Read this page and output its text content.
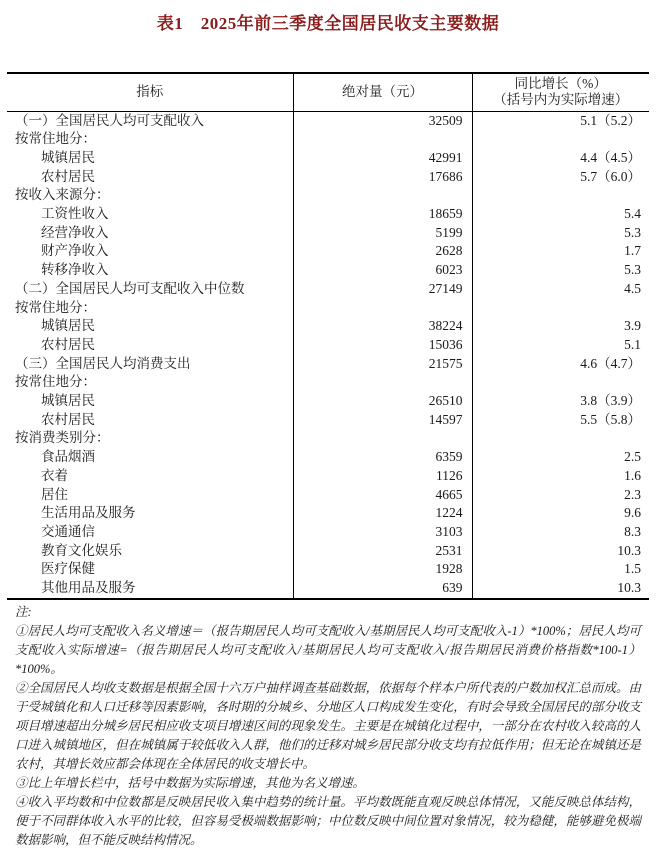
表1　2025年前三季度全国居民收支主要数据
指标	绝对量（元）	同比增长（%）
（括号内为实际增速）

（一）全国居民人均可支配收入	32509	5.1（5.2）
按常住地分：		
城镇居民	42991	4.4（4.5）
农村居民	17686	5.7（6.0）
按收入来源分：		
工资性收入	18659	5.4
经营净收入	5199	5.3
财产净收入	2628	1.7
转移净收入	6023	5.3
（二）全国居民人均可支配收入中位数	27149	4.5
按常住地分：		
城镇居民	38224	3.9
农村居民	15036	5.1
（三）全国居民人均消费支出	21575	4.6（4.7）
按常住地分：		
城镇居民	26510	3.8（3.9）
农村居民	14597	5.5（5.8）
按消费类别分：		
食品烟酒	6359	2.5
衣着	1126	1.6
居住	4665	2.3
生活用品及服务	1224	9.6
交通通信	3103	8.3
教育文化娱乐	2531	10.3
医疗保健	1928	1.5
其他用品及服务	639	10.3

注:

①居民人均可支配收入名义增速＝（报告期居民人均可支配收入/基期居民人均可支配收入-1）*100%；居民人均可支配收入实际增速=（报告期居民人均可支配收入/基期居民人均可支配收入/报告期居民消费价格指数*100-1）*100%。

②全国居民人均收支数据是根据全国十六万户抽样调查基础数据，依据每个样本户所代表的户数加权汇总而成。由于受城镇化和人口迁移等因素影响，各时期的分城乡、分地区人口构成发生变化，有时会导致全国居民的部分收支项目增速超出分城乡居民相应收支项目增速区间的现象发生。主要是在城镇化过程中，一部分在农村收入较高的人口进入城镇地区，但在城镇属于较低收入人群，他们的迁移对城乡居民部分收支均有拉低作用；但无论在城镇还是农村，其增长效应都会体现在全体居民的收支增长中。

③比上年增长栏中，括号中数据为实际增速，其他为名义增速。

④收入平均数和中位数都是反映居民收入集中趋势的统计量。平均数既能直观反映总体情况，又能反映总体结构，便于不同群体收入水平的比较，但容易受极端数据影响；中位数反映中间位置对象情况，较为稳健，能够避免极端数据影响，但不能反映结构情况。
